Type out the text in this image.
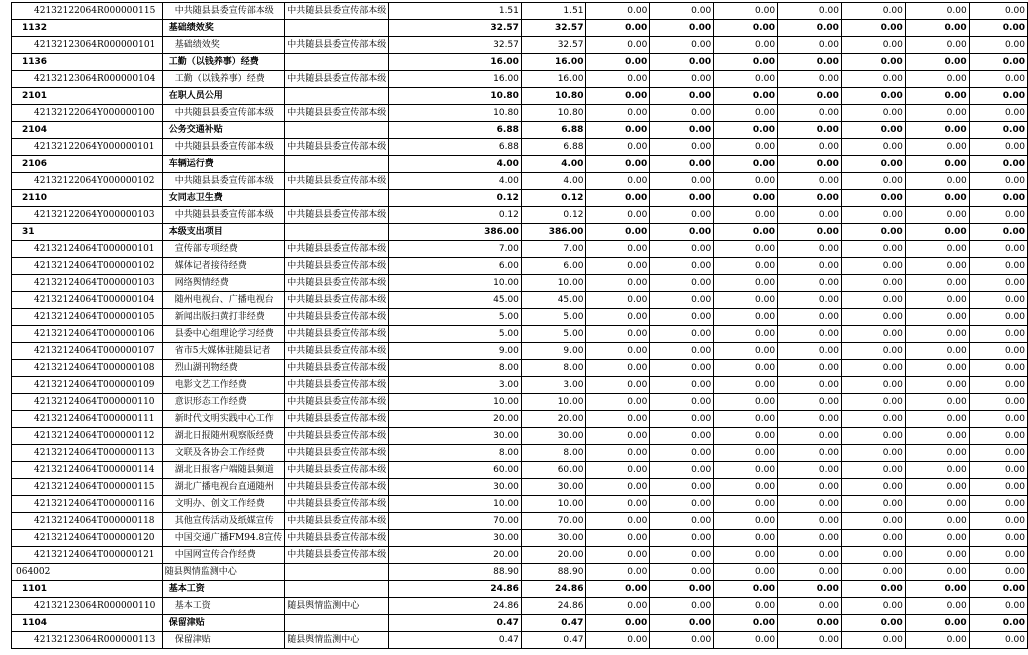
42132122064R000000115	中共随县县委宣传部本级	中共随县县委宣传部本级	1.51	1.51	0.00	0.00	0.00	0.00	0.00	0.00	0.00
1132	基础绩效奖		32.57	32.57	0.00	0.00	0.00	0.00	0.00	0.00	0.00
42132123064R000000101	基础绩效奖	中共随县县委宣传部本级	32.57	32.57	0.00	0.00	0.00	0.00	0.00	0.00	0.00
1136	工勤（以钱养事）经费		16.00	16.00	0.00	0.00	0.00	0.00	0.00	0.00	0.00
42132123064R000000104	工勤（以钱养事）经费	中共随县县委宣传部本级	16.00	16.00	0.00	0.00	0.00	0.00	0.00	0.00	0.00
2101	在职人员公用		10.80	10.80	0.00	0.00	0.00	0.00	0.00	0.00	0.00
42132122064Y000000100	中共随县县委宣传部本级	中共随县县委宣传部本级	10.80	10.80	0.00	0.00	0.00	0.00	0.00	0.00	0.00
2104	公务交通补贴		6.88	6.88	0.00	0.00	0.00	0.00	0.00	0.00	0.00
42132122064Y000000101	中共随县县委宣传部本级	中共随县县委宣传部本级	6.88	6.88	0.00	0.00	0.00	0.00	0.00	0.00	0.00
2106	车辆运行费		4.00	4.00	0.00	0.00	0.00	0.00	0.00	0.00	0.00
42132122064Y000000102	中共随县县委宣传部本级	中共随县县委宣传部本级	4.00	4.00	0.00	0.00	0.00	0.00	0.00	0.00	0.00
2110	女同志卫生费		0.12	0.12	0.00	0.00	0.00	0.00	0.00	0.00	0.00
42132122064Y000000103	中共随县县委宣传部本级	中共随县县委宣传部本级	0.12	0.12	0.00	0.00	0.00	0.00	0.00	0.00	0.00
31	本级支出项目		386.00	386.00	0.00	0.00	0.00	0.00	0.00	0.00	0.00
42132124064T000000101	宣传部专项经费	中共随县县委宣传部本级	7.00	7.00	0.00	0.00	0.00	0.00	0.00	0.00	0.00
42132124064T000000102	媒体记者接待经费	中共随县县委宣传部本级	6.00	6.00	0.00	0.00	0.00	0.00	0.00	0.00	0.00
42132124064T000000103	网络舆情经费	中共随县县委宣传部本级	10.00	10.00	0.00	0.00	0.00	0.00	0.00	0.00	0.00
42132124064T000000104	随州电视台、广播电视台	中共随县县委宣传部本级	45.00	45.00	0.00	0.00	0.00	0.00	0.00	0.00	0.00
42132124064T000000105	新闻出版扫黄打非经费	中共随县县委宣传部本级	5.00	5.00	0.00	0.00	0.00	0.00	0.00	0.00	0.00
42132124064T000000106	县委中心组理论学习经费	中共随县县委宣传部本级	5.00	5.00	0.00	0.00	0.00	0.00	0.00	0.00	0.00
42132124064T000000107	省市5大媒体驻随县记者	中共随县县委宣传部本级	9.00	9.00	0.00	0.00	0.00	0.00	0.00	0.00	0.00
42132124064T000000108	烈山湖刊物经费	中共随县县委宣传部本级	8.00	8.00	0.00	0.00	0.00	0.00	0.00	0.00	0.00
42132124064T000000109	电影文艺工作经费	中共随县县委宣传部本级	3.00	3.00	0.00	0.00	0.00	0.00	0.00	0.00	0.00
42132124064T000000110	意识形态工作经费	中共随县县委宣传部本级	10.00	10.00	0.00	0.00	0.00	0.00	0.00	0.00	0.00
42132124064T000000111	新时代文明实践中心工作	中共随县县委宣传部本级	20.00	20.00	0.00	0.00	0.00	0.00	0.00	0.00	0.00
42132124064T000000112	湖北日报随州观察版经费	中共随县县委宣传部本级	30.00	30.00	0.00	0.00	0.00	0.00	0.00	0.00	0.00
42132124064T000000113	文联及各协会工作经费	中共随县县委宣传部本级	8.00	8.00	0.00	0.00	0.00	0.00	0.00	0.00	0.00
42132124064T000000114	湖北日报客户端随县频道	中共随县县委宣传部本级	60.00	60.00	0.00	0.00	0.00	0.00	0.00	0.00	0.00
42132124064T000000115	湖北广播电视台直通随州	中共随县县委宣传部本级	30.00	30.00	0.00	0.00	0.00	0.00	0.00	0.00	0.00
42132124064T000000116	文明办、创文工作经费	中共随县县委宣传部本级	10.00	10.00	0.00	0.00	0.00	0.00	0.00	0.00	0.00
42132124064T000000118	其他宣传活动及纸媒宣传	中共随县县委宣传部本级	70.00	70.00	0.00	0.00	0.00	0.00	0.00	0.00	0.00
42132124064T000000120	中国交通广播FM94.8宣传	中共随县县委宣传部本级	30.00	30.00	0.00	0.00	0.00	0.00	0.00	0.00	0.00
42132124064T000000121	中国网宣传合作经费	中共随县县委宣传部本级	20.00	20.00	0.00	0.00	0.00	0.00	0.00	0.00	0.00
064002	随县舆情监测中心		88.90	88.90	0.00	0.00	0.00	0.00	0.00	0.00	0.00
1101	基本工资		24.86	24.86	0.00	0.00	0.00	0.00	0.00	0.00	0.00
42132123064R000000110	基本工资	随县舆情监测中心	24.86	24.86	0.00	0.00	0.00	0.00	0.00	0.00	0.00
1104	保留津贴		0.47	0.47	0.00	0.00	0.00	0.00	0.00	0.00	0.00
42132123064R000000113	保留津贴	随县舆情监测中心	0.47	0.47	0.00	0.00	0.00	0.00	0.00	0.00	0.00
